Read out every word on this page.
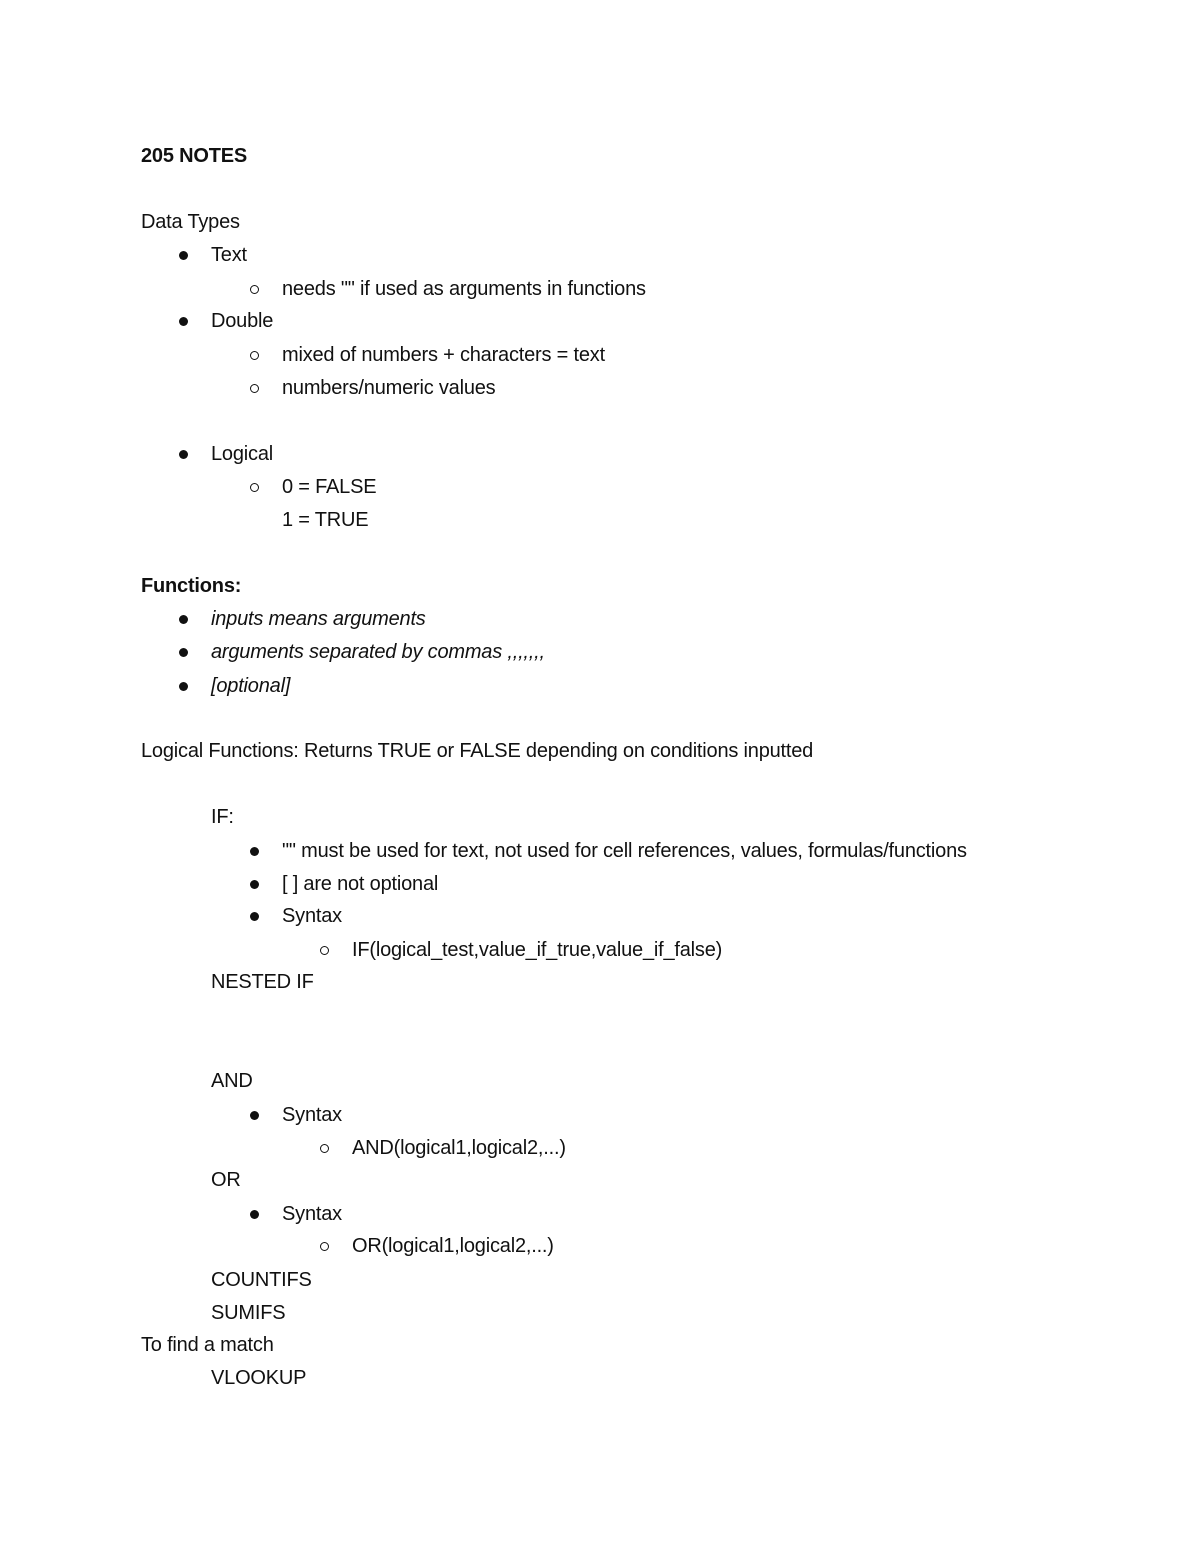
205 NOTES
Data Types
Text
needs "" if used as arguments in functions
Double
mixed of numbers + characters = text
numbers/numeric values
Logical
0 = FALSE
1 = TRUE
Functions:
inputs means arguments
arguments separated by commas ,,,,,,,
[optional]
Logical Functions: Returns TRUE or FALSE depending on conditions inputted
IF:
"" must be used for text, not used for cell references, values, formulas/functions
[ ] are not optional
Syntax
IF(logical_test,value_if_true,value_if_false)
NESTED IF
AND
Syntax
AND(logical1,logical2,...)
OR
Syntax
OR(logical1,logical2,...)
COUNTIFS
SUMIFS
To find a match
VLOOKUP
